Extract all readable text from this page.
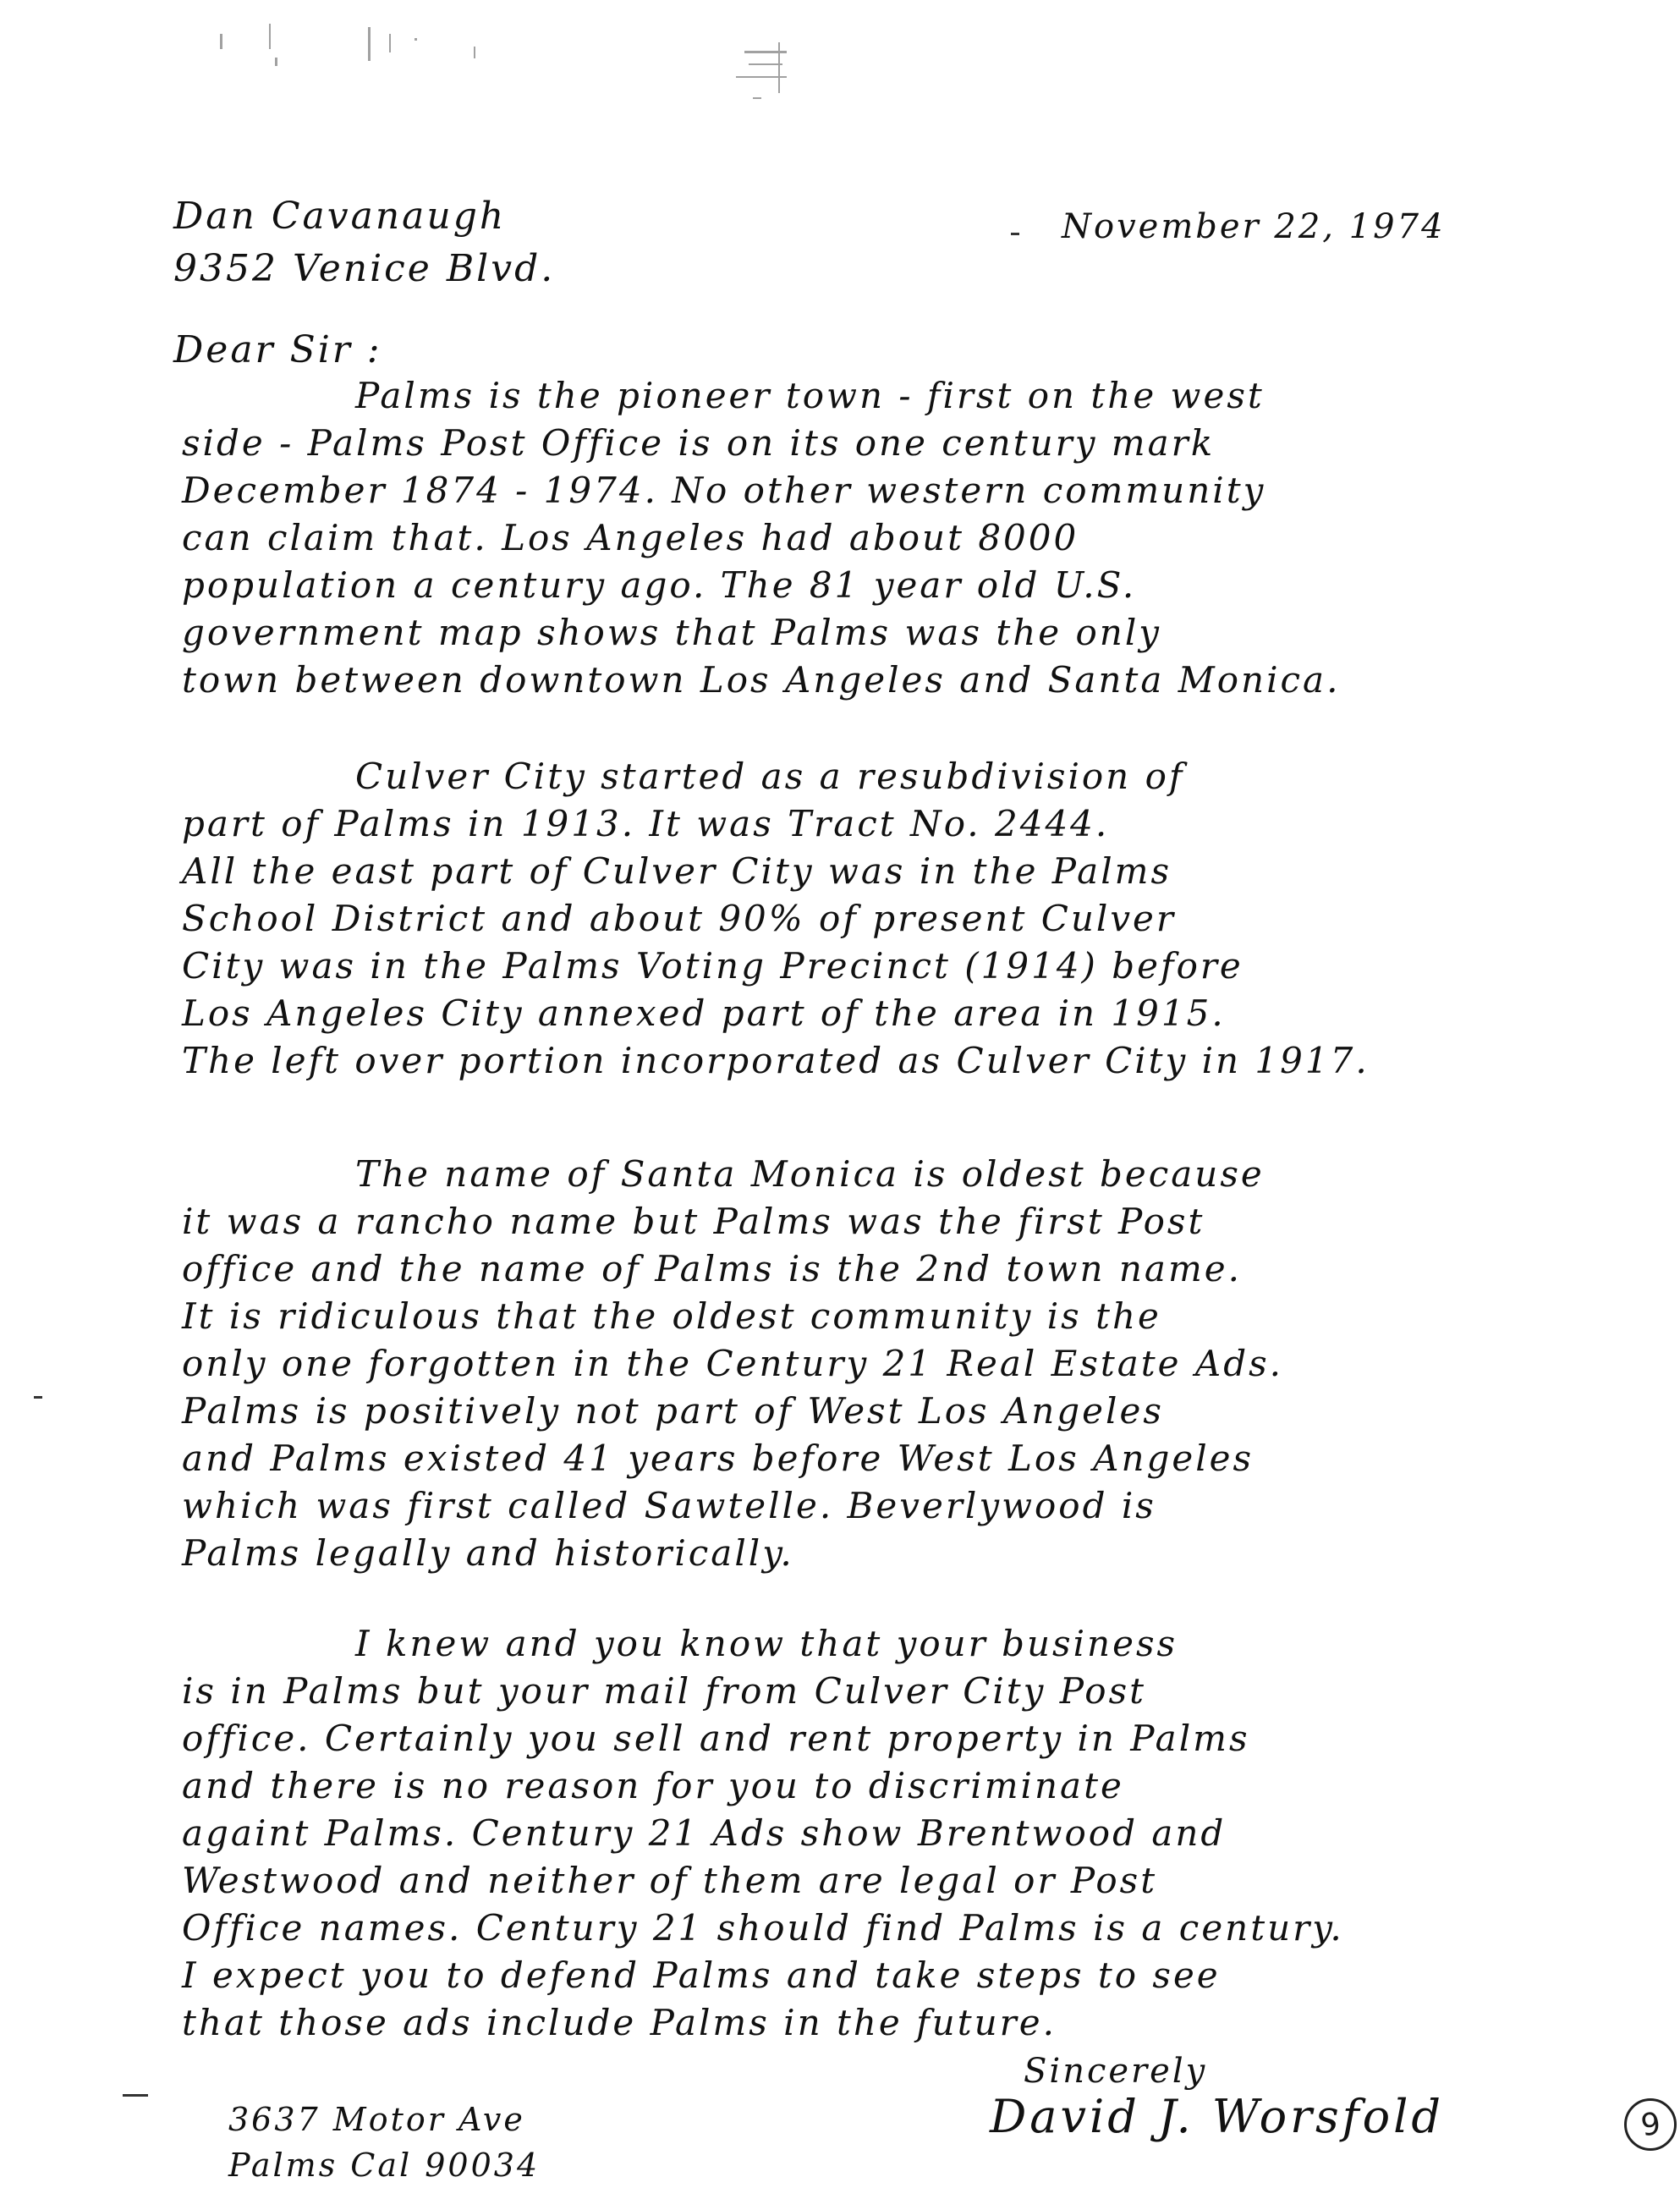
Dan Cavanaugh
9352 Venice Blvd.
November 22, 1974
Dear Sir :
Palms is the pioneer town - first on the west
side - Palms Post Office is on its one century mark
December 1874 - 1974. No other western community
can claim that. Los Angeles had about 8000
population a century ago. The 81 year old U.S.
government map shows that Palms was the only
town between downtown Los Angeles and Santa Monica.
Culver City started as a resubdivision of
part of Palms in 1913. It was Tract No. 2444.
All the east part of Culver City was in the Palms
School District and about 90% of present Culver
City was in the Palms Voting Precinct (1914) before
Los Angeles City annexed part of the area in 1915.
The left over portion incorporated as Culver City in 1917.
The name of Santa Monica is oldest because
it was a rancho name but Palms was the first Post
office and the name of Palms is the 2nd town name.
It is ridiculous that the oldest community is the
only one forgotten in the Century 21 Real Estate Ads.
Palms is positively not part of West Los Angeles
and Palms existed 41 years before West Los Angeles
which was first called Sawtelle. Beverlywood is
Palms legally and historically.
I knew and you know that your business
is in Palms but your mail from Culver City Post
office. Certainly you sell and rent property in Palms
and there is no reason for you to discriminate
againt Palms. Century 21 Ads show Brentwood and
Westwood and neither of them are legal or Post
Office names. Century 21 should find Palms is a century.
I expect you to defend Palms and take steps to see
that those ads include Palms in the future.
Sincerely
3637 Motor Ave
Palms Cal 90034
David J. Worsfold	9
